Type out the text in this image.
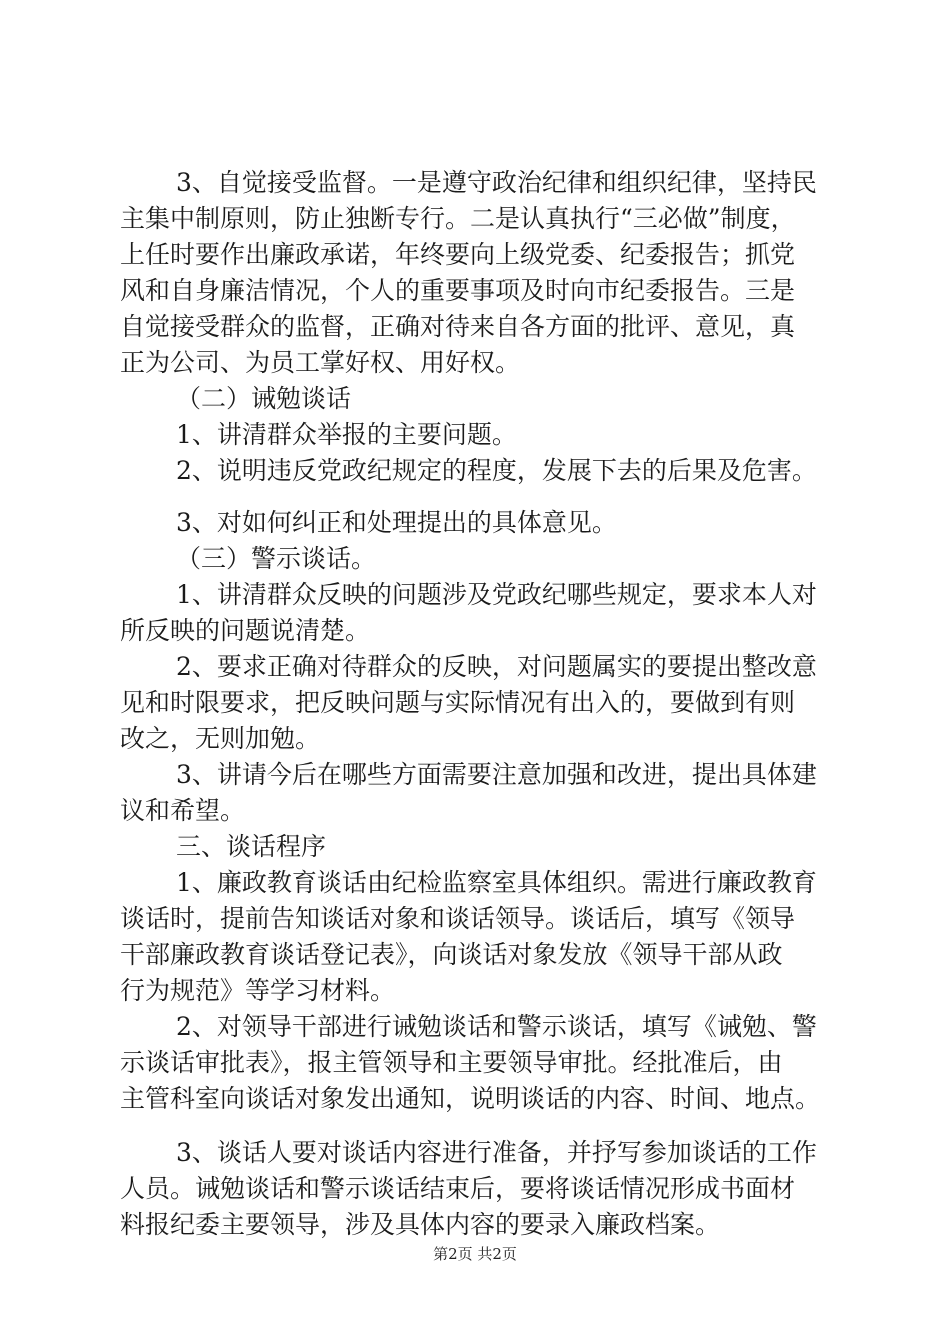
3、自觉接受监督。一是遵守政治纪律和组织纪律，坚持民
主集中制原则，防止独断专行。二是认真执行“三必做”制度，
上任时要作出廉政承诺，年终要向上级党委、纪委报告；抓党
风和自身廉洁情况，个人的重要事项及时向市纪委报告。三是
自觉接受群众的监督，正确对待来自各方面的批评、意见，真
正为公司、为员工掌好权、用好权。
（二）诫勉谈话
1、讲清群众举报的主要问题。
2、说明违反党政纪规定的程度，发展下去的后果及危害。
3、对如何纠正和处理提出的具体意见。
（三）警示谈话。
1、讲清群众反映的问题涉及党政纪哪些规定，要求本人对
所反映的问题说清楚。
2、要求正确对待群众的反映，对问题属实的要提出整改意
见和时限要求，把反映问题与实际情况有出入的，要做到有则
改之，无则加勉。
3、讲请今后在哪些方面需要注意加强和改进，提出具体建
议和希望。
三、谈话程序
1、廉政教育谈话由纪检监察室具体组织。需进行廉政教育
谈话时，提前告知谈话对象和谈话领导。谈话后，填写《领导
干部廉政教育谈话登记表》，向谈话对象发放《领导干部从政
行为规范》等学习材料。
2、对领导干部进行诫勉谈话和警示谈话，填写《诫勉、警
示谈话审批表》，报主管领导和主要领导审批。经批准后，由
主管科室向谈话对象发出通知，说明谈话的内容、时间、地点。
3、谈话人要对谈话内容进行准备，并抒写参加谈话的工作
人员。诫勉谈话和警示谈话结束后，要将谈话情况形成书面材
料报纪委主要领导，涉及具体内容的要录入廉政档案。
第2页 共2页
